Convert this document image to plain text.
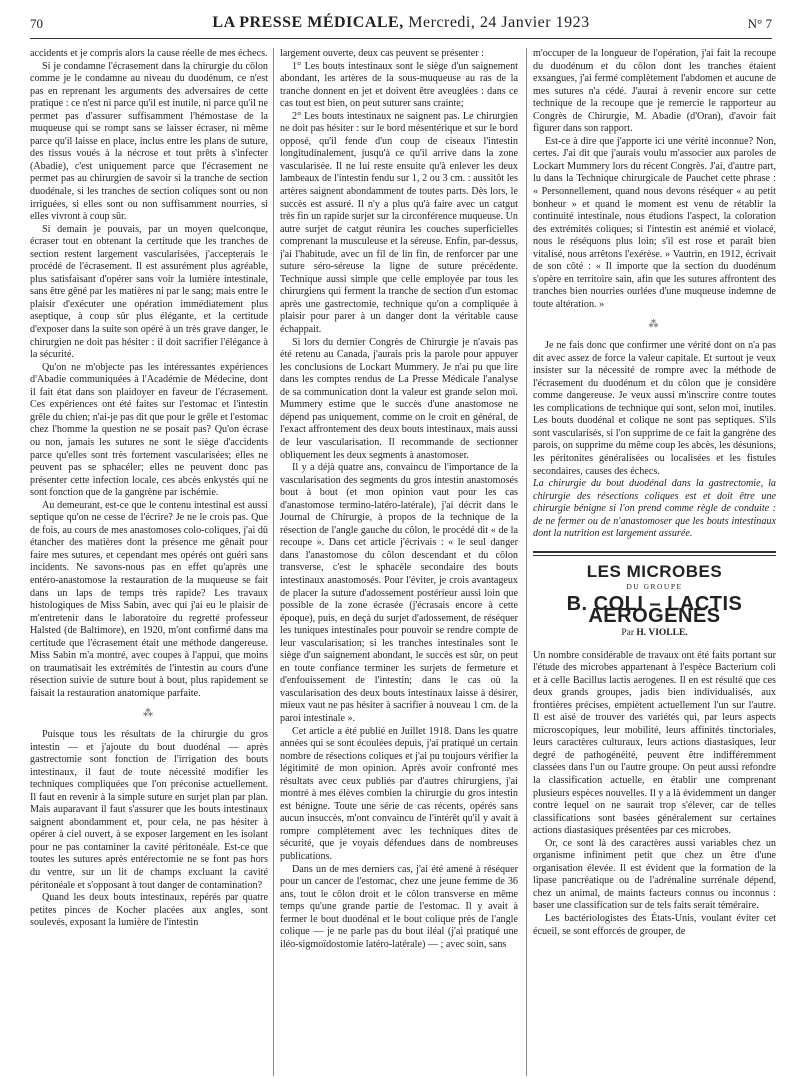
70	LA PRESSE MÉDICALE, Mercredi, 24 Janvier 1923	N° 7

accidents et je compris alors la cause réelle de mes échecs.

Si je condamne l'écrasement dans la chirurgie du côlon comme je le condamne au niveau du duodénum, ce n'est pas en reprenant les arguments des adversaires de cette pratique : ce n'est ni parce qu'il est inutile, ni parce qu'il ne permet pas d'assurer suffisamment l'hémostase de la muqueuse qui se rompt sans se laisser écraser, ni même parce qu'il laisse en place, inclus entre les plans de suture, des tissus voués à la nécrose et tout prêts à s'infecter (Abadie), c'est uniquement parce que l'écrasement ne permet pas au chirurgien de savoir si la tranche de section duodénale, si les tranches de section coliques sont ou non irriguées, si elles sont ou non suffisamment nourries, si elles vivront à coup sûr.

Si demain je pouvais, par un moyen quelconque, écraser tout en obtenant la certitude que les tranches de section restent largement vascularisées, j'accepterais le procédé de l'écrasement. Il est assurément plus agréable, plus satisfaisant d'opérer sans voir la lumière intestinale, sans être gêné par les matières ni par le sang; mais entre le plaisir d'exécuter une opération immédiatement plus aseptique, à coup sûr plus élégante, et la certitude d'exposer dans la suite son opéré à un très grave danger, le chirurgien ne doit pas hésiter : il doit sacrifier l'élégance à la sécurité.

Qu'on ne m'objecte pas les intéressantes expériences d'Abadie communiquées à l'Académie de Médecine, dont il fait état dans son plaidoyer en faveur de l'écrasement. Ces expériences ont été faites sur l'estomac et l'intestin grêle du chien; n'ai-je pas dit que pour le grêle et l'estomac chez l'homme la question ne se posait pas? Qu'on écrase ou non, jamais les sutures ne sont le siège d'accidents parce qu'elles sont très fortement vascularisées; elles ne peuvent pas se sphacéler; elles ne peuvent donc pas présenter cette infection locale, ces abcès enkystés qui ne sont fonction que de la gangrène par ischémie.

Au demeurant, est-ce que le contenu intestinal est aussi septique qu'on ne cesse de l'écrire? Je ne le crois pas. Que de fois, au cours de mes anastomoses colo-coliques, j'ai dû étancher des matières dont la présence me gênait pour faire mes sutures, et cependant mes opérés ont guéri sans incidents. Ne savons-nous pas en effet qu'après une entéro-anastomose la restauration de la muqueuse se fait dans un laps de temps très rapide? Les travaux histologiques de Miss Sabin, avec qui j'ai eu le plaisir de m'entretenir dans le laboratoire du regretté professeur Halsted (de Baltimore), en 1920, m'ont confirmé dans ma certitude que l'écrasement était une méthode dangereuse. Miss Sabin m'a montré, avec coupes à l'appui, que moins on traumatisait les extrémités de l'intestin au cours d'une résection suivie de suture bout à bout, plus rapidement se faisait la restauration anatomique parfaite.

⁂

Puisque tous les résultats de la chirurgie du gros intestin — et j'ajoute du bout duodénal — après gastrectomie sont fonction de l'irrigation des bouts intestinaux, il faut de toute nécessité modifier les techniques compliquées que l'on préconise actuellement. Il faut en revenir à la simple suture en surjet plan par plan. Mais auparavant il faut s'assurer que les bouts intestinaux saignent abondamment et, pour cela, ne pas hésiter à opérer à ciel ouvert, à se exposer largement en les isolant pour ne pas contaminer la cavité péritonéale. Est-ce que toutes les sutures après entérectomie ne se font pas hors du ventre, sur un lit de champs excluant la cavité péritonéale et s'opposant à tout danger de contamination?

Quand les deux bouts intestinaux, repérés par quatre petites pinces de Kocher placées aux angles, sont soulevés, exposant la lumière de l'intestin

largement ouverte, deux cas peuvent se présenter :

1° Les bouts intestinaux sont le siège d'un saignement abondant, les artères de la sous-muqueuse au ras de la tranche donnent en jet et doivent être aveuglées : dans ce cas tout est bien, on peut suturer sans crainte;

2° Les bouts intestinaux ne saignent pas. Le chirurgien ne doit pas hésiter : sur le bord mésentérique et sur le bord opposé, qu'il fende d'un coup de ciseaux l'intestin longitudinalement, jusqu'à ce qu'il arrive dans la zone vascularisée. Il ne lui reste ensuite qu'à enlever les deux lambeaux de l'intestin fendu sur 1, 2 ou 3 cm. : aussitôt les artères saignent abondamment de toutes parts. Dès lors, le succès est assuré. Il n'y a plus qu'à faire avec un catgut très fin un rapide surjet sur la circonférence muqueuse. Un autre surjet de catgut réunira les couches superficielles comprenant la musculeuse et la séreuse. Enfin, par-dessus, j'ai l'habitude, avec un fil de lin fin, de renforcer par une suture séro-séreuse la ligne de suture précédente. Technique aussi simple que celle employée par tous les chirurgiens qui ferment la tranche de section d'un estomac après une gastrectomie, technique qu'on a compliquée à plaisir pour parer à un danger dont la véritable cause échappait.

Si lors du dernier Congrès de Chirurgie je n'avais pas été retenu au Canada, j'aurais pris la parole pour appuyer les conclusions de Lockart Mummery. Je n'ai pu que lire dans les comptes rendus de La Presse Médicale l'analyse de sa communication dont la valeur est grande selon moi. Mummery estime que le succès d'une anastomose ne dépend pas uniquement, comme on le croit en général, de l'exact affrontement des deux bouts intestinaux, mais aussi de leur vascularisation. Il recommande de sectionner obliquement les deux segments à anastomoser.

Il y a déjà quatre ans, convaincu de l'importance de la vascularisation des segments du gros intestin anastomosés bout à bout (et mon opinion vaut pour les cas d'anastomose termino-latéro-latérale), j'ai décrit dans le Journal de Chirurgie, à propos de la technique de la résection de l'angle gauche du côlon, le procédé dit « de la recoupe ». Dans cet article j'écrivais : « le seul danger dans l'anastomose du côlon descendant et du côlon transverse, c'est le sphacèle secondaire des bouts intestinaux anastomosés. Pour l'éviter, je crois avantageux de placer la suture d'adossement postérieur aussi loin que possible de la zone écrasée (j'écrasais encore à cette époque), puis, en deçà du surjet d'adossement, de réséquer les tuniques intestinales pour pouvoir se rendre compte de leur vascularisation; si les tranches intestinales sont le siège d'un saignement abondant, le succès est sûr, on peut en toute confiance terminer les surjets de fermeture et d'enfouissement de l'intestin; dans le cas où la vascularisation des deux bouts intestinaux laisse à désirer, mieux vaut ne pas hésiter à sacrifier à nouveau 1 cm. de la paroi intestinale ».

Cet article a été publié en Juillet 1918. Dans les quatre années qui se sont écoulées depuis, j'ai pratiqué un certain nombre de résections coliques et j'ai pu toujours vérifier la légitimité de mon opinion. Après avoir confronté mes résultats avec ceux publiés par d'autres chirurgiens, j'ai montré à mes élèves combien la chirurgie du gros intestin est bénigne. Toute une série de cas récents, opérés sans aucun insuccès, m'ont convaincu de l'intérêt qu'il y avait à rompre complètement avec les techniques dites de sécurité, que je voyais défendues dans de nombreuses publications.

Dans un de mes derniers cas, j'ai été amené à réséquer pour un cancer de l'estomac, chez une jeune femme de 36 ans, tout le côlon droit et le côlon transverse en même temps qu'une grande partie de l'estomac. Il y avait à fermer le bout duodénal et le bout colique près de l'angle colique — je ne parle pas du bout iléal (j'ai pratiqué une iléo-sigmoïdostomie latéro-latérale) — ; avec soin, sans

m'occuper de la longueur de l'opération, j'ai fait la recoupe du duodénum et du côlon dont les tranches étaient exsangues, j'ai fermé complètement l'abdomen et aucune de mes sutures n'a cédé. J'aurai à revenir encore sur cette technique de la recoupe que je remercie le rapporteur au Congrès de Chirurgie, M. Abadie (d'Oran), d'avoir fait figurer dans son rapport.

Est-ce à dire que j'apporte ici une vérité inconnue? Non, certes. J'ai dit que j'aurais voulu m'associer aux paroles de Lockart Mummery lors du récent Congrès. J'ai, d'autre part, lu dans la Technique chirurgicale de Pauchet cette phrase : « Personnellement, quand nous devons réséquer « au petit bonheur » et quand le moment est venu de rétablir la continuité intestinale, nous étudions l'aspect, la coloration des extrémités coliques; si l'intestin est anémié et violacé, nous le réséquons plus loin; s'il est rose et paraît bien vitalisé, nous arrêtons l'exérèse. » Vautrin, en 1912, écrivait de son côté : « Il importe que la section du duodénum s'opère en territoire sain, afin que les sutures affrontent des tranches bien nourries ourlées d'une muqueuse indemne de toute altération. »

⁂

Je ne fais donc que confirmer une vérité dont on n'a pas dit avec assez de force la valeur capitale. Et surtout je veux insister sur la nécessité de rompre avec la méthode de l'écrasement du duodénum et du côlon que je considère comme dangereuse. Je veux aussi m'inscrire contre toutes les complications de technique qui sont, selon moi, inutiles. Les bouts duodénal et colique ne sont pas septiques. S'ils sont vascularisés, si l'on supprime de ce fait la gangrène des parois, on supprime du même coup les abcès, les désunions, les péritonites généralisées ou localisées et les fistules secondaires, causes des échecs.

La chirurgie du bout duodénal dans la gastrectomie, la chirurgie des résections coliques est et doit être une chirurgie bénigne si l'on prend comme règle de conduite : de ne fermer ou de n'anastomoser que les bouts intestinaux dont la nutrition est largement assurée.

LES MICROBES
DU GROUPE
B. COLI – LACTIS AEROGENES
Par H. VIOLLE.

Un nombre considérable de travaux ont été faits portant sur l'étude des microbes appartenant à l'espèce Bacterium coli et à celle Bacillus lactis aerogenes. Il en est résulté que ces deux grands groupes, jadis bien individualisés, aux frontières précises, empiètent actuellement l'un sur l'autre. Il est aisé de trouver des variétés qui, par leurs aspects microscopiques, leur mobilité, leurs affinités tinctoriales, leurs caractères culturaux, leurs actions diastasiques, leur degré de pathogénéité, peuvent être indifféremment classées dans l'un ou l'autre groupe. On peut aussi refondre la classification actuelle, en établir une comprenant plusieurs espèces nouvelles. Il y a là évidemment un danger contre lequel on ne saurait trop s'élever, car de telles classifications sont basées généralement sur certaines actions diastasiques présentées par ces microbes.

Or, ce sont là des caractères aussi variables chez un organisme infiniment petit que chez un être d'une organisation élevée. Il est évident que la formation de la lipase pancréatique ou de l'adrénaline surrénale dépend, chez un animal, de maints facteurs connus ou inconnus : baser une classification sur de tels faits serait téméraire.

Les bactériologistes des États-Unis, voulant éviter cet écueil, se sont efforcés de grouper, de
